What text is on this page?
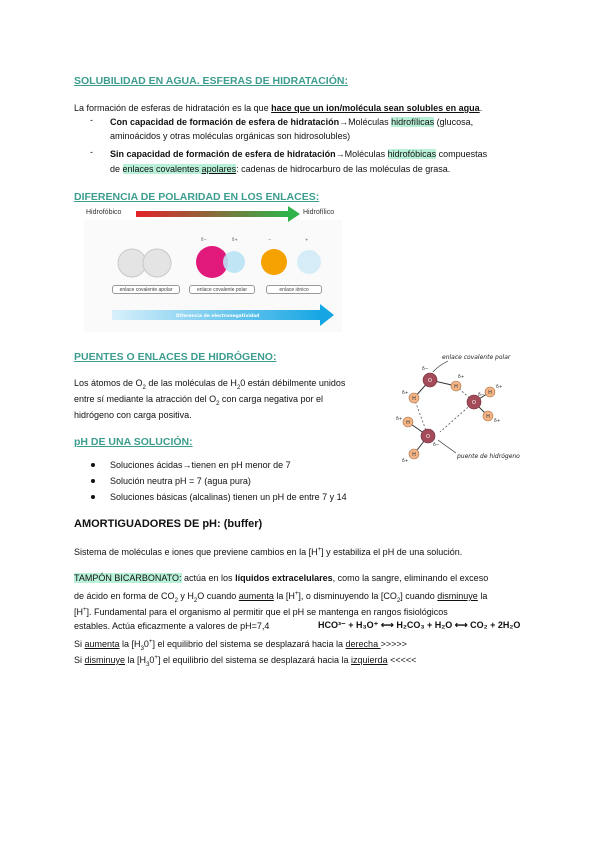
SOLUBILIDAD EN AGUA. ESFERAS DE HIDRATACIÓN:
La formación de esferas de hidratación es la que hace que un ion/molécula sean solubles en agua.
- Con capacidad de formación de esfera de hidratación→Moléculas hidrofílicas (glucosa,
aminoácidos y otras moléculas orgánicas son hidrosolubles)
- Sin capacidad de formación de esfera de hidratación→Moléculas hidrofóbicas compuestas
de enlaces covalentes apolares: cadenas de hidrocarburo de las moléculas de grasa.
DIFERENCIA DE POLARIDAD EN LOS ENLACES:
Hidrofóbico	Hidrofílico
δ−	δ+	−	+
Diferencia de electronegatividad
enlace covalente apolar	enlace covalente polar	enlace iónico
PUENTES O ENLACES DE HIDRÓGENO:
Los átomos de $O_2$ de las moléculas de $H_20$ están débilmente unidos
entre sí mediante la atracción del $O_2$ con carga negativa por el
hidrógeno con carga positiva.
enlace covalente polar
puente de hidrógeno
O
O
O
H
H
H
H
H
H
δ−
δ+
δ+	δ−
δ+
δ+
δ+
δ−
δ+
pH DE UNA SOLUCIÓN:
Soluciones ácidas→tienen en pH menor de 7
Solución neutra pH = 7 (agua pura)
Soluciones básicas (alcalinas) tienen un pH de entre 7 y 14
AMORTIGUADORES DE pH: (buffer)
Sistema de moléculas e iones que previene cambios en la [H+] y estabiliza el pH de una solución.
TAMPÓN BICARBONATO: actúa en los líquidos extracelulares, como la sangre, eliminando el exceso
de ácido en forma de $CO_2$ y $H_2O$ cuando aumenta la [H+], o disminuyendo la $[CO_2]$ cuando disminuye la
[H+]. Fundamental para el organismo al permitir que el pH se mantenga en rangos fisiológicos
estables. Actúa eficazmente a valores de pH=7,4	HCO³⁻ + H₃O⁺ ⟷ H₂CO₃ + H₂O ⟷ CO₂ + 2H₂O
Si aumenta la $[H_30^+]$ el equilibrio del sistema se desplazará hacia la derecha >>>>>
Si disminuye la $[H_30^+]$ el equilibrio del sistema se desplazará hacia la izquierda <<<<<
